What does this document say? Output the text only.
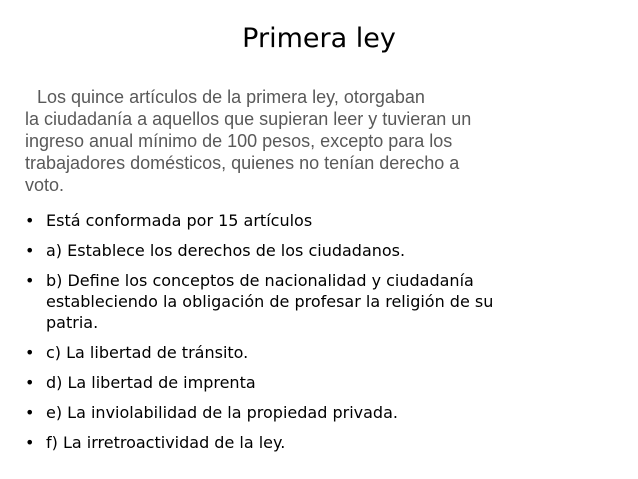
Primera ley

Los quince artículos de la primera ley, otorgaban
la ciudadanía a aquellos que supieran leer y tuvieran un
ingreso anual mínimo de 100 pesos, excepto para los
trabajadores domésticos, quienes no tenían derecho a
voto.

• Está conformada por 15 artículos
• a) Establece los derechos de los ciudadanos.
• b) Define los conceptos de nacionalidad y ciudadanía
estableciendo la obligación de profesar la religión de su
patria.
• c) La libertad de tránsito.
• d) La libertad de imprenta
• e) La inviolabilidad de la propiedad privada.
• f) La irretroactividad de la ley.
